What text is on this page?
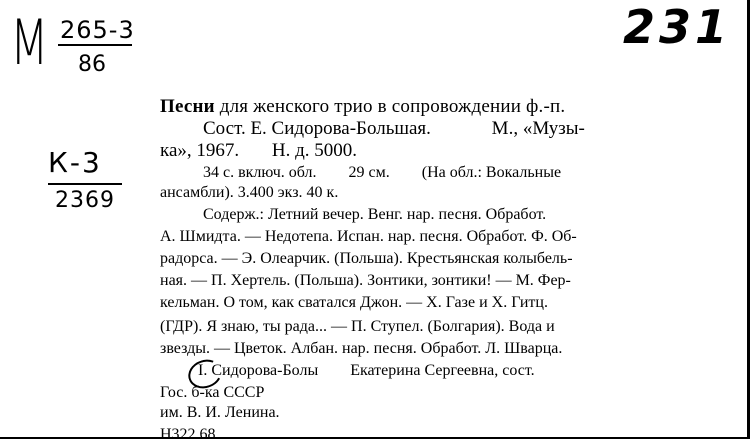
M 265-3
86
К-3
2369
231
Песни для женского трио в сопровождении ф.-п.
Сост. Е. Сидорова-Большая.	М., «Музы-
ка», 1967. Н. д. 5000.
34 с. включ. обл. 29 см. (На обл.: Вокальные
ансамбли). 3.400 экз. 40 к.
Содерж.: Летний вечер. Венг. нар. песня. Обработ.
А. Шмидта. — Недотепа. Испан. нар. песня. Обработ. Ф. Об-
радорса. — Э. Олеарчик. (Польша). Крестьянская колыбель-
ная. — П. Хертель. (Польша). Зонтики, зонтики! — М. Фер-
кельман. О том, как сватался Джон. — Х. Газе и Х. Гитц.
(ГДР). Я знаю, ты рада... — П. Ступел. (Болгария). Вода и
звезды. — Цветок. Албан. нар. песня. Обработ. Л. Шварца.
I. Сидорова-Болы Екатерина Сергеевна, сост.
Гос. б-ка СССР
им. В. И. Ленина.
Н322 68
